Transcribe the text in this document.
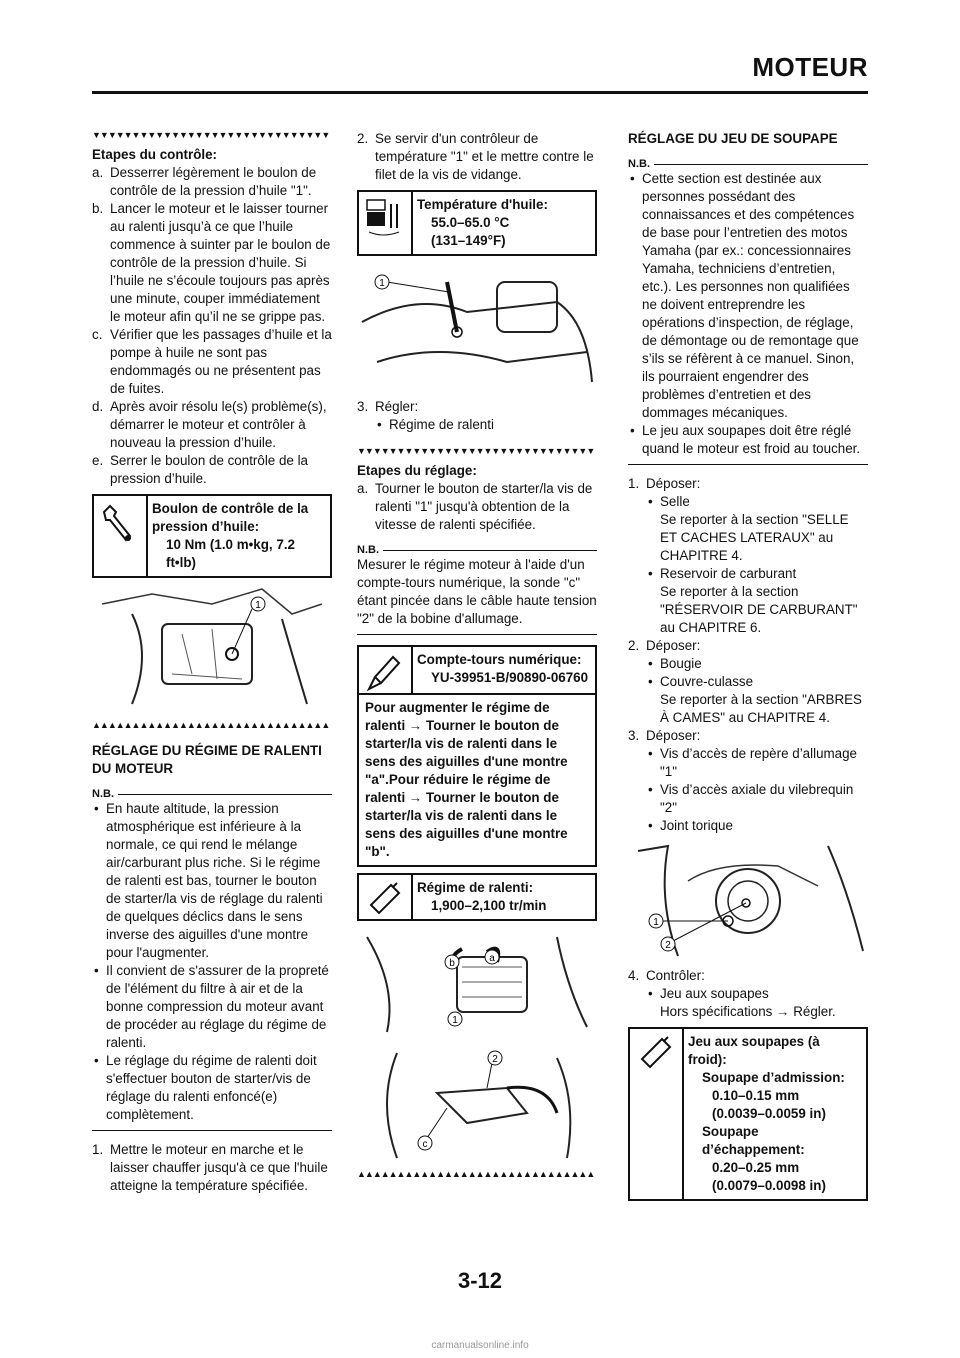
MOTEUR
▼▼▼▼▼▼▼▼▼▼▼▼▼▼▼▼▼▼▼▼▼▼▼▼▼▼▼▼▼▼

Etapes du contrôle:

a. Desserrer légèrement le boulon de contrôle de la pression d’huile "1".
b. Lancer le moteur et le laisser tourner au ralenti jusqu’à ce que l’huile commence à suinter par le boulon de contrôle de la pression d’huile. Si l’huile ne s’écoule toujours pas après une minute, couper immédiatement le moteur afin qu’il ne se grippe pas.
c. Vérifier que les passages d’huile et la pompe à huile ne sont pas endommagés ou ne présentent pas de fuites.
d. Après avoir résolu le(s) problème(s), démarrer le moteur et contrôler à nouveau la pression d’huile.
e. Serrer le boulon de contrôle de la pression d’huile.
Boulon de contrôle de la pression d’huile:
10 Nm (1.0 m•kg, 7.2 ft•lb)
1
▲▲▲▲▲▲▲▲▲▲▲▲▲▲▲▲▲▲▲▲▲▲▲▲▲▲▲▲▲▲

RÉGLAGE DU RÉGIME DE RALENTI DU MOTEUR

N.B.
• En haute altitude, la pression atmosphérique est inférieure à la normale, ce qui rend le mélange air/carburant plus riche. Si le régime de ralenti est bas, tourner le bouton de starter/la vis de réglage du ralenti de quelques déclics dans le sens inverse des aiguilles d'une montre pour l'augmenter.
• Il convient de s'assurer de la propreté de l'élément du filtre à air et de la bonne compression du moteur avant de procéder au réglage du régime de ralenti.
• Le réglage du régime de ralenti doit s'effectuer bouton de starter/vis de réglage du ralenti enfoncé(e) complètement.
1. Mettre le moteur en marche et le laisser chauffer jusqu'à ce que l'huile atteigne la température spécifiée.
2. Se servir d'un contrôleur de température "1" et le mettre contre le filet de la vis de vidange.
Température d'huile:
55.0–65.0 °C
(131–149°F)
1
3. Régler:
• Régime de ralenti
▼▼▼▼▼▼▼▼▼▼▼▼▼▼▼▼▼▼▼▼▼▼▼▼▼▼▼▼▼▼

Etapes du réglage:

a. Tourner le bouton de starter/la vis de ralenti "1" jusqu'à obtention de la vitesse de ralenti spécifiée.
N.B.

Mesurer le régime moteur à l'aide d'un compte-tours numérique, la sonde "c" étant pincée dans le câble haute tension "2" de la bobine d'allumage.

Compte-tours numérique:
YU-39951-B/90890-06760
Pour augmenter le régime de ralenti → Tourner le bouton de starter/la vis de ralenti dans le sens des aiguilles d'une montre "a".Pour réduire le régime de ralenti → Tourner le bouton de starter/la vis de ralenti dans le sens des aiguilles d'une montre "b".
Régime de ralenti:
1,900–2,100 tr/min
b	a
1
2
c
▲▲▲▲▲▲▲▲▲▲▲▲▲▲▲▲▲▲▲▲▲▲▲▲▲▲▲▲▲▲

RÉGLAGE DU JEU DE SOUPAPE

N.B.
• Cette section est destinée aux personnes possédant des connaissances et des compétences de base pour l’entretien des motos Yamaha (par ex.: concessionnaires Yamaha, techniciens d’entretien, etc.). Les personnes non qualifiées ne doivent entreprendre les opérations d’inspection, de réglage, de démontage ou de remontage que s’ils se réfèrent à ce manuel. Sinon, ils pourraient engendrer des problèmes d’entretien et des dommages mécaniques.
• Le jeu aux soupapes doit être réglé quand le moteur est froid au toucher.
1. Déposer:
• Selle
Se reporter à la section "SELLE ET CACHES LATERAUX" au CHAPITRE 4.
• Reservoir de carburant
Se reporter à la section "RÉSERVOIR DE CARBURANT" au CHAPITRE 6.
2. Déposer:
• Bougie
• Couvre-culasse
Se reporter à la section "ARBRES À CAMES" au CHAPITRE 4.
3. Déposer:
• Vis d’accès de repère d’allumage "1"
• Vis d’accès axiale du vilebrequin "2"
• Joint torique
1
2
4. Contrôler:
• Jeu aux soupapes
Hors spécifications → Régler.
Jeu aux soupapes (à froid):
Soupape d’admission:
0.10–0.15 mm
(0.0039–0.0059 in)
Soupape d’échappement:
0.20–0.25 mm
(0.0079–0.0098 in)
3-12
carmanualsonline.info
